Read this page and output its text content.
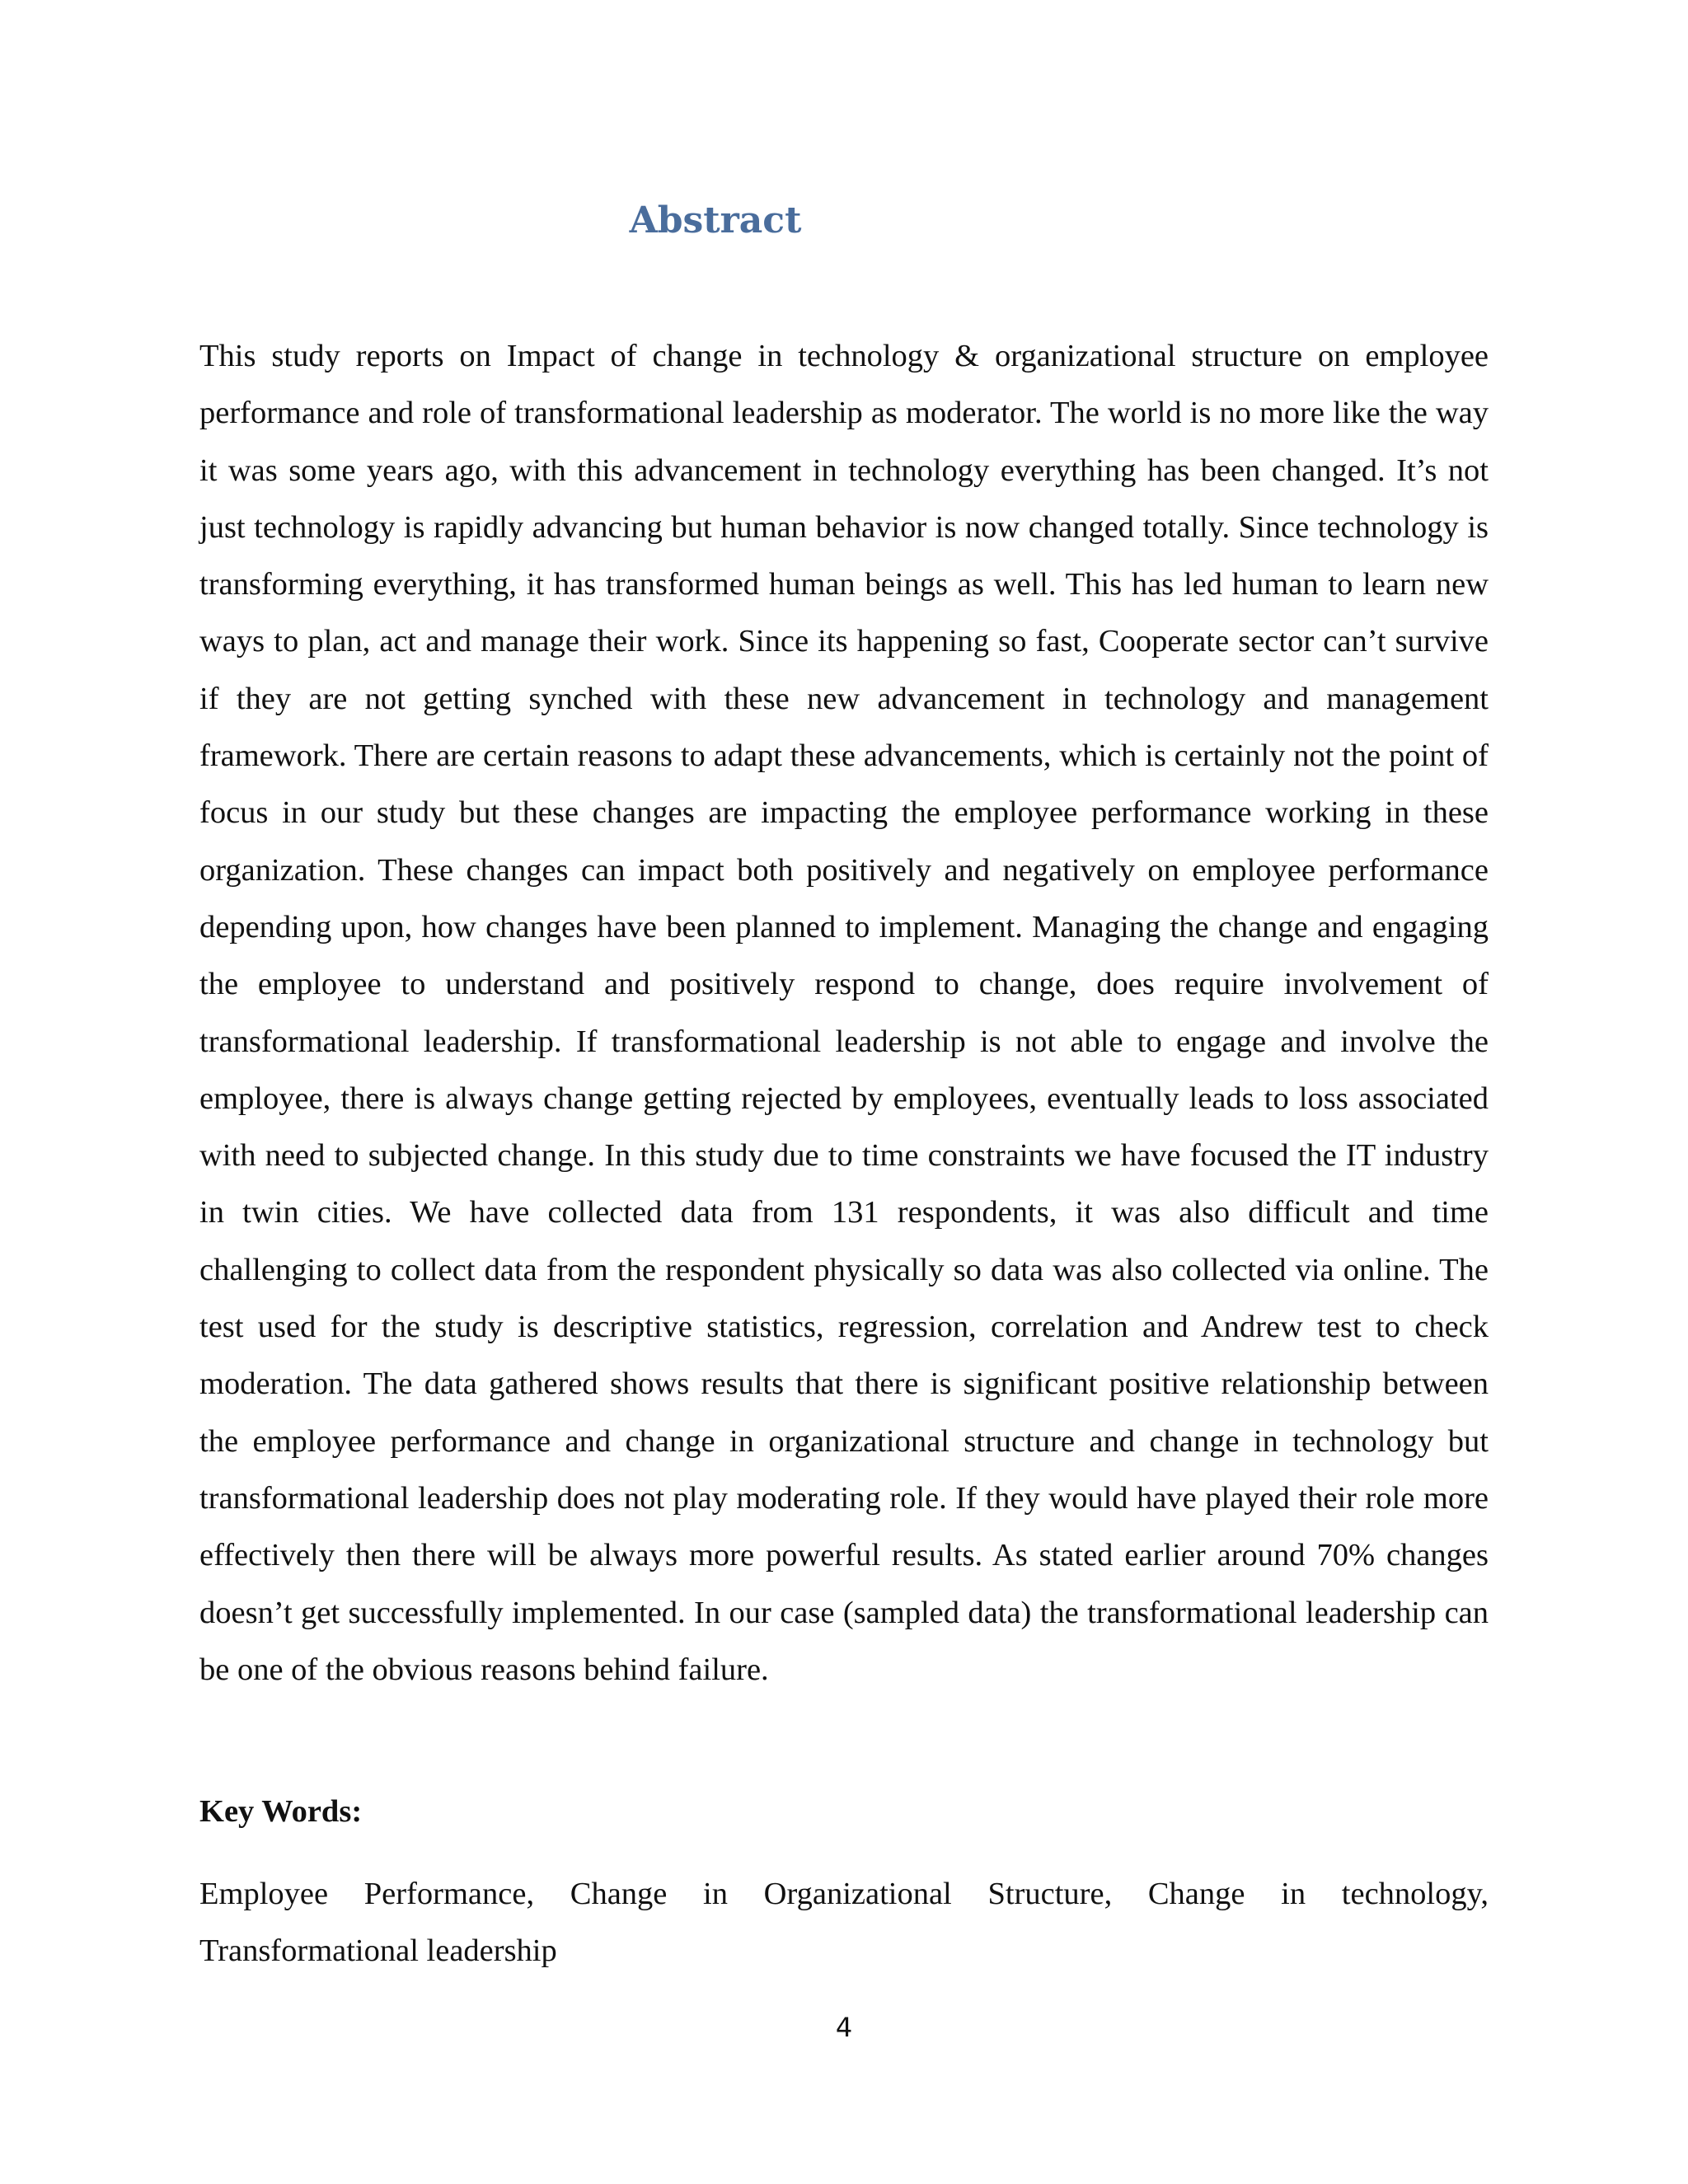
Abstract

This study reports on Impact of change in technology & organizational structure on employee performance and role of transformational leadership as moderator. The world is no more like the way it was some years ago, with this advancement in technology everything has been changed. It’s not just technology is rapidly advancing but human behavior is now changed totally. Since technology is transforming everything, it has transformed human beings as well. This has led human to learn new ways to plan, act and manage their work. Since its happening so fast, Cooperate sector can’t survive if they are not getting synched with these new advancement in technology and management framework. There are certain reasons to adapt these advancements, which is certainly not the point of focus in our study but these changes are impacting the employee performance working in these organization. These changes can impact both positively and negatively on employee performance depending upon, how changes have been planned to implement. Managing the change and engaging the employee to understand and positively respond to change, does require involvement of transformational leadership. If transformational leadership is not able to engage and involve the employee, there is always change getting rejected by employees, eventually leads to loss associated with need to subjected change. In this study due to time constraints we have focused the IT industry in twin cities. We have collected data from 131 respondents, it was also difficult and time challenging to collect data from the respondent physically so data was also collected via online. The test used for the study is descriptive statistics, regression, correlation and Andrew test to check moderation. The data gathered shows results that there is significant positive relationship between the employee performance and change in organizational structure and change in technology but transformational leadership does not play moderating role. If they would have played their role more effectively then there will be always more powerful results. As stated earlier around 70% changes doesn’t get successfully implemented. In our case (sampled data) the transformational leadership can be one of the obvious reasons behind failure.

Key Words:

Employee Performance, Change in Organizational Structure, Change in technology, Transformational leadership

4
